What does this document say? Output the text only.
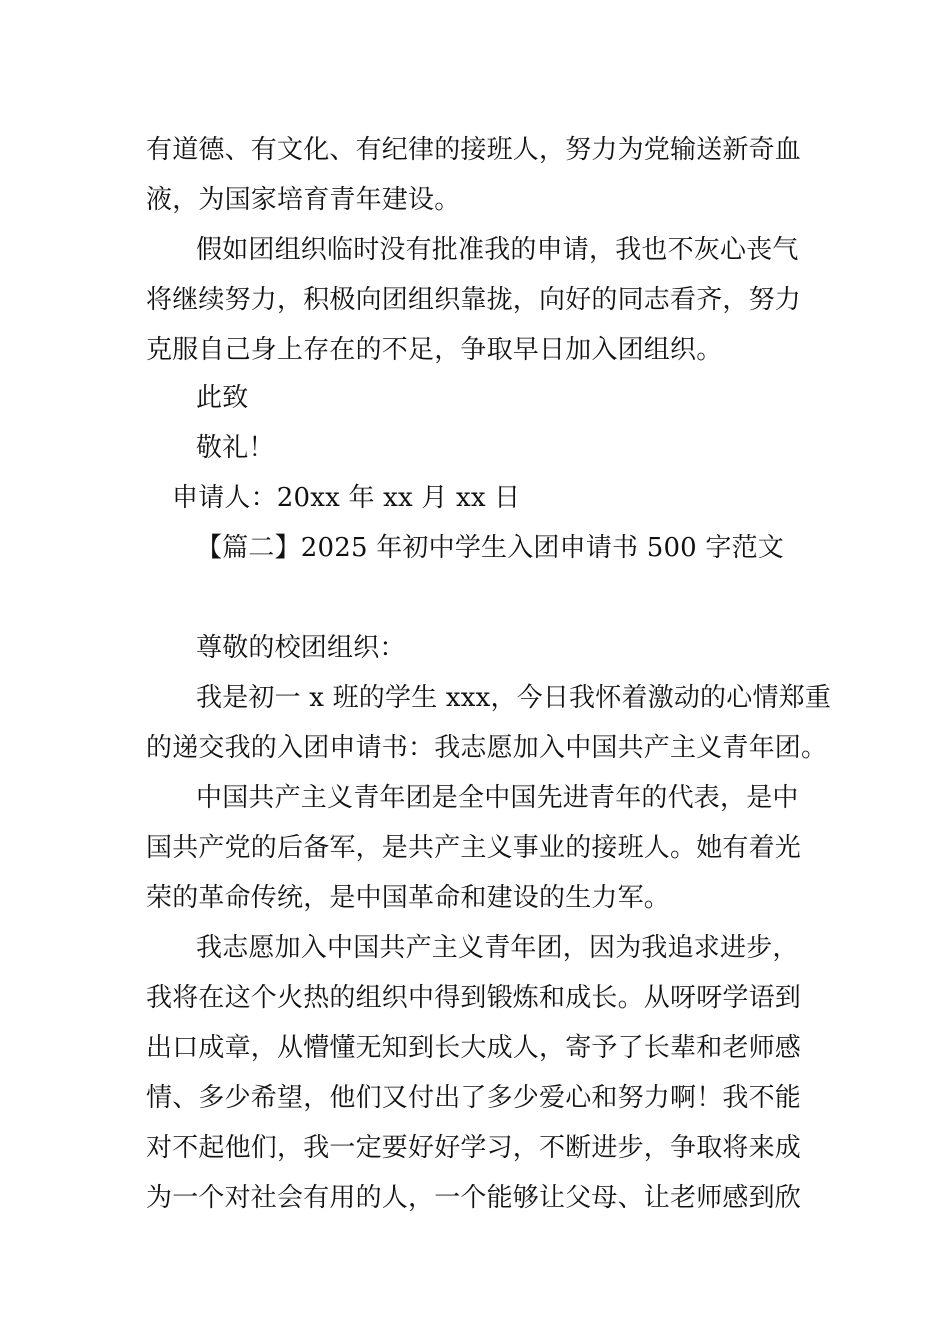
有道德、有文化、有纪律的接班人，努力为党输送新奇血
液，为国家培育青年建设。
假如团组织临时没有批准我的申请，我也不灰心丧气
将继续努力，积极向团组织靠拢，向好的同志看齐，努力
克服自己身上存在的不足，争取早日加入团组织。
此致
敬礼！
申请人：20xx 年 xx 月 xx 日
【篇二】2025 年初中学生入团申请书 500 字范文
尊敬的校团组织：
我是初一 x 班的学生 xxx，今日我怀着激动的心情郑重
的递交我的入团申请书：我志愿加入中国共产主义青年团。
中国共产主义青年团是全中国先进青年的代表，是中
国共产党的后备军，是共产主义事业的接班人。她有着光
荣的革命传统，是中国革命和建设的生力军。
我志愿加入中国共产主义青年团，因为我追求进步，
我将在这个火热的组织中得到锻炼和成长。从呀呀学语到
出口成章，从懵懂无知到长大成人，寄予了长辈和老师感
情、多少希望，他们又付出了多少爱心和努力啊！我不能
对不起他们，我一定要好好学习，不断进步，争取将来成
为一个对社会有用的人，一个能够让父母、让老师感到欣
